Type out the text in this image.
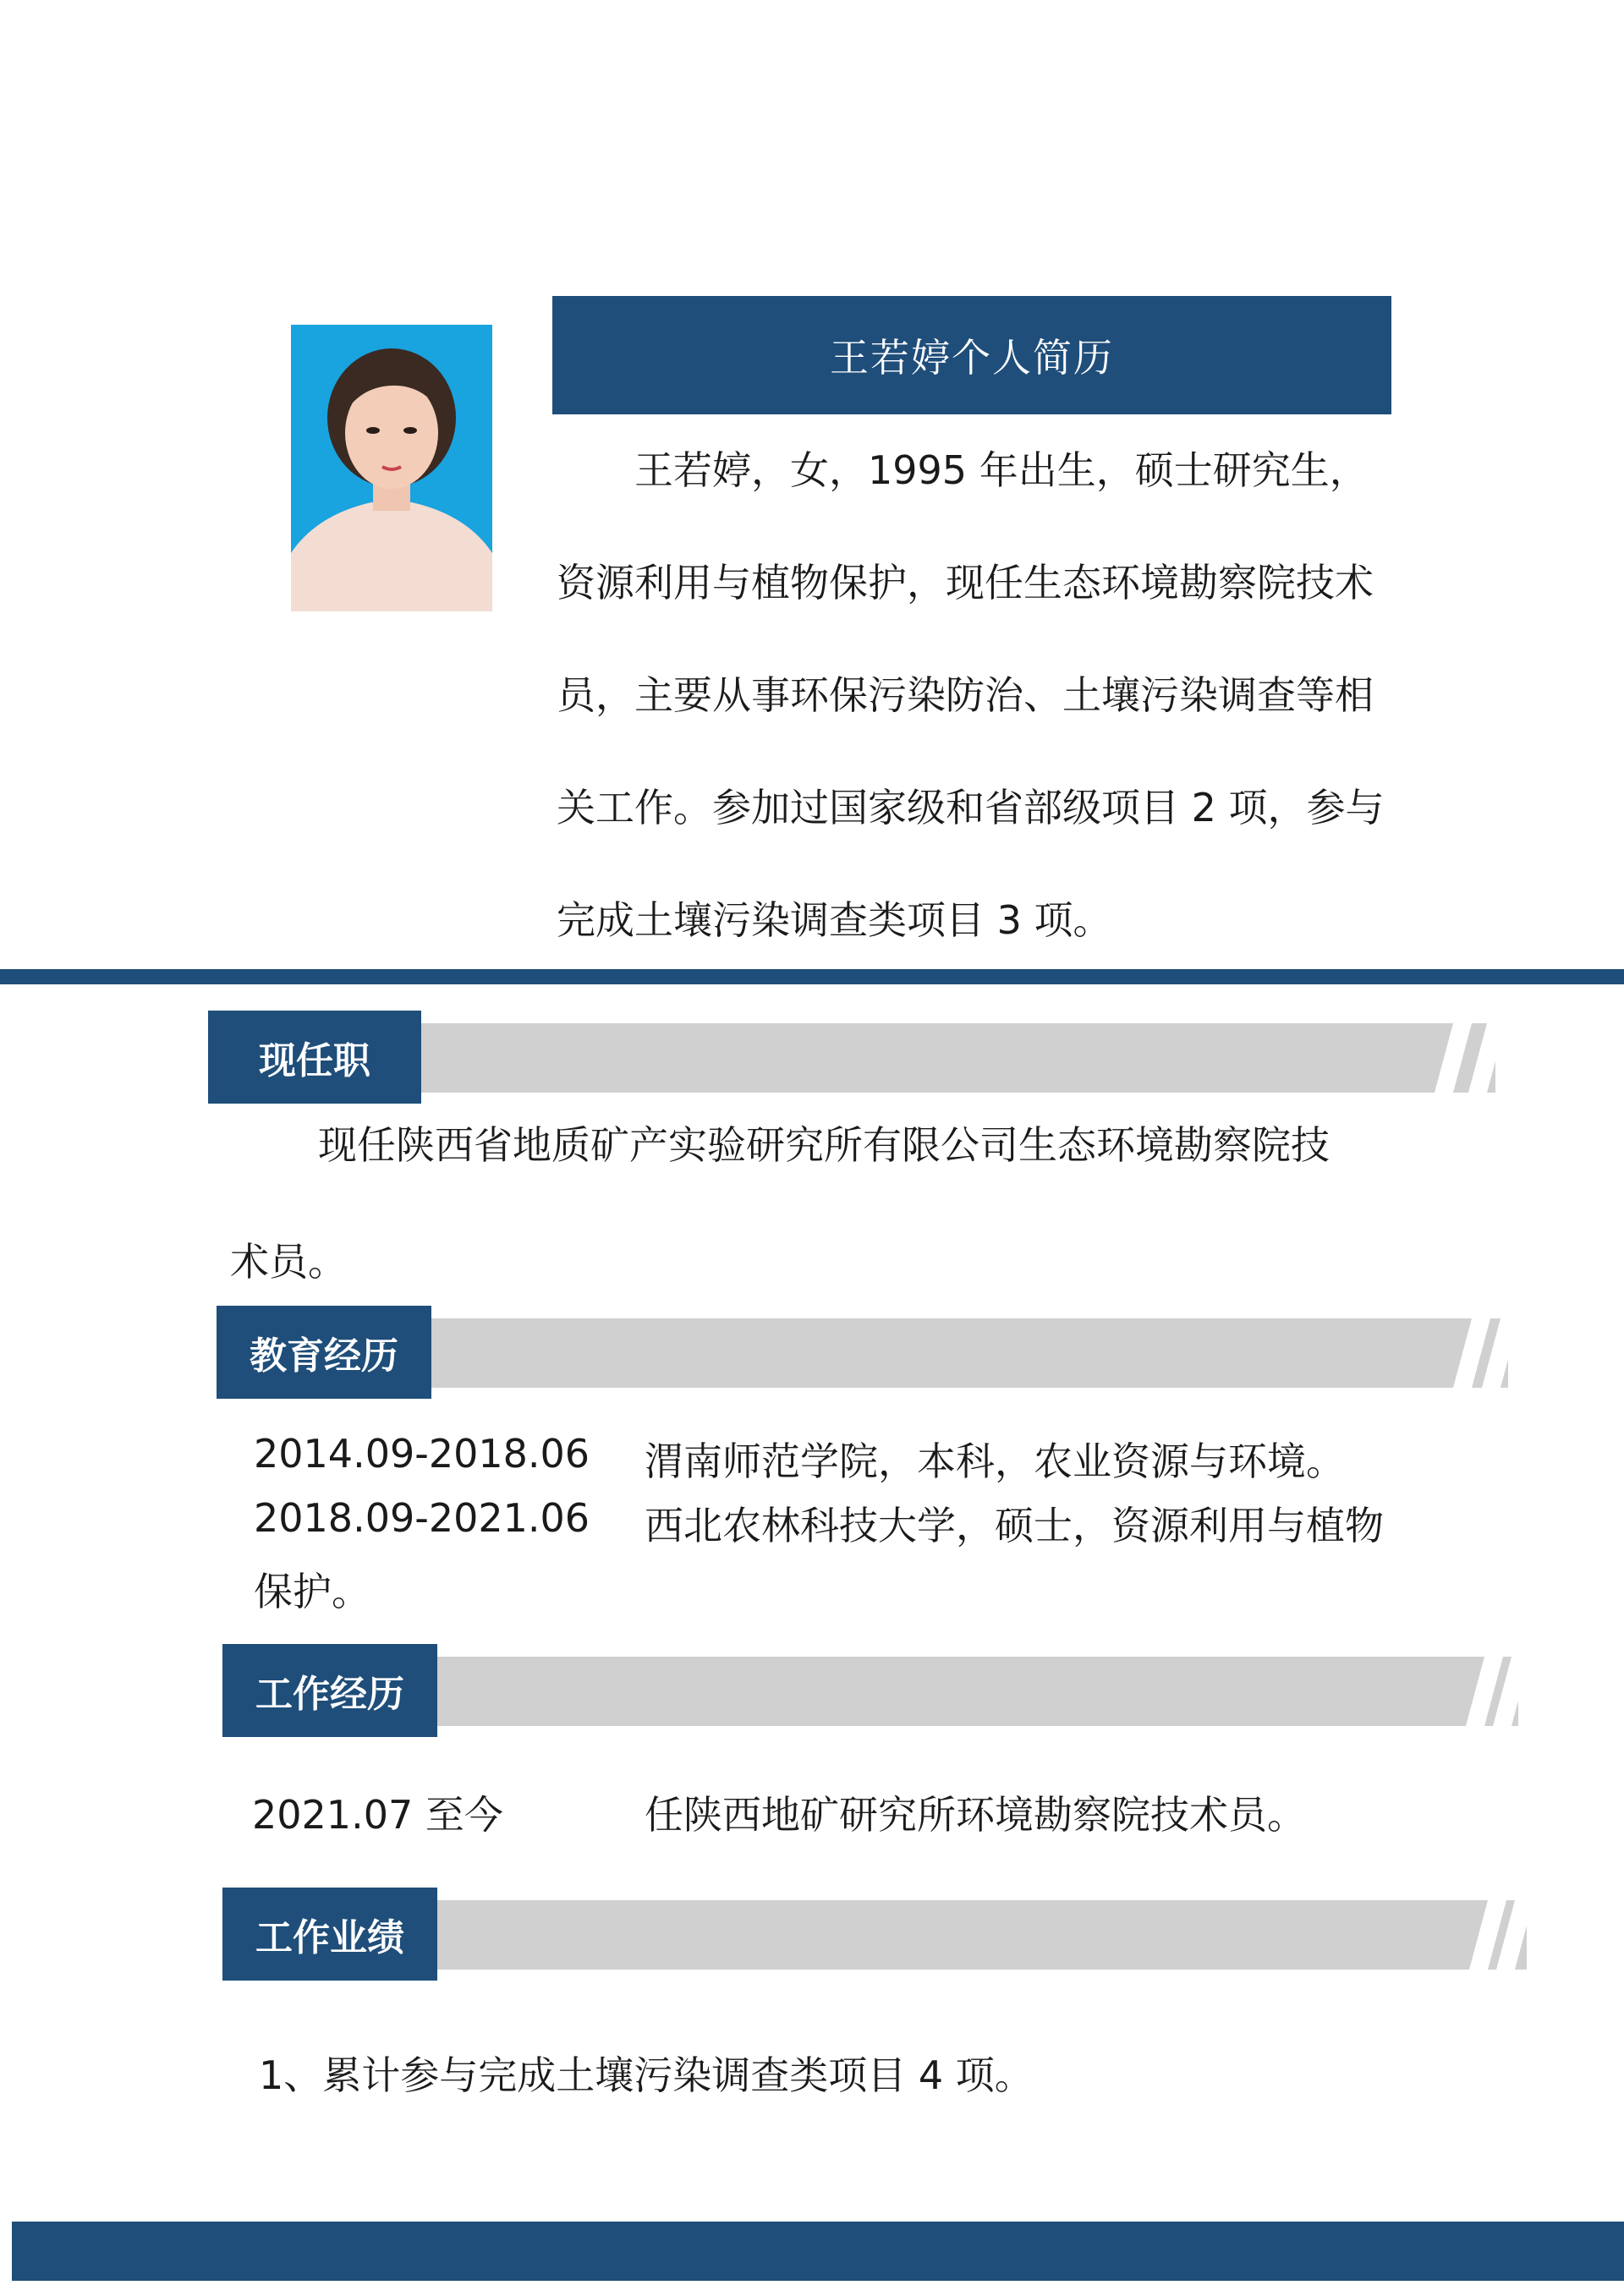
王若婷个人简历
王若婷，女，1995 年出生，硕士研究生，
资源利用与植物保护，现任生态环境勘察院技术
员，主要从事环保污染防治、土壤污染调查等相
关工作。参加过国家级和省部级项目 2 项，参与
完成土壤污染调查类项目 3 项。
现任职
现任陕西省地质矿产实验研究所有限公司生态环境勘察院技
术员。
教育经历
2014.09-2018.06 渭南师范学院，本科，农业资源与环境。
2018.09-2021.06 西北农林科技大学，硕士，资源利用与植物
保护。
工作经历
2021.07 至今	任陕西地矿研究所环境勘察院技术员。
工作业绩
1、累计参与完成土壤污染调查类项目 4 项。
